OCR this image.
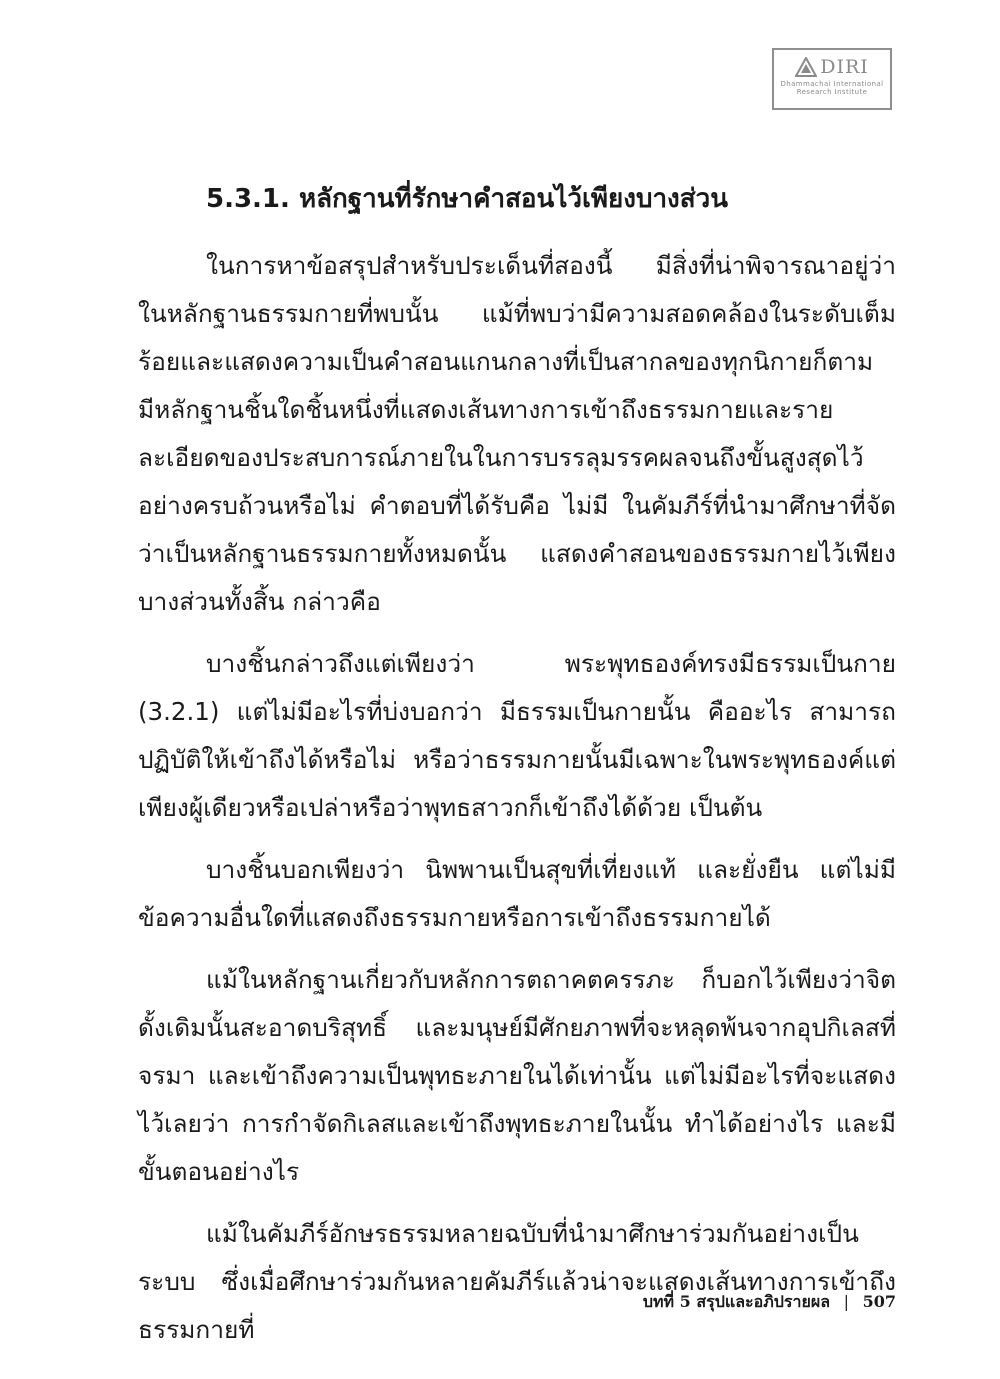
DIRI
Dhammachai International
Research Institute
5.3.1. หลักฐานที่รักษาคำสอนไว้เพียงบางส่วน

ในการหาข้อสรุปสำหรับประเด็นที่สองนี้ มีสิ่งที่น่าพิจารณาอยู่ว่า ในหลักฐานธรรมกายที่พบนั้น แม้ที่พบว่ามีความสอดคล้องในระดับเต็มร้อยและแสดงความเป็นคำสอนแกนกลางที่เป็นสากลของทุกนิกายก็ตาม มีหลักฐานชิ้นใดชิ้นหนึ่งที่แสดงเส้นทางการเข้าถึงธรรมกายและรายละเอียดของประสบการณ์ภายในในการบรรลุมรรคผลจนถึงขั้นสูงสุดไว้อย่างครบถ้วนหรือไม่ คำตอบที่ได้รับคือ ไม่มี ในคัมภีร์ที่นำมาศึกษาที่จัดว่าเป็นหลักฐานธรรมกายทั้งหมดนั้น แสดงคำสอนของธรรมกายไว้เพียงบางส่วนทั้งสิ้น กล่าวคือ

บางชิ้นกล่าวถึงแต่เพียงว่า พระพุทธองค์ทรงมีธรรมเป็นกาย (3.2.1) แต่ไม่มีอะไรที่บ่งบอกว่า มีธรรมเป็นกายนั้น คืออะไร สามารถปฏิบัติให้เข้าถึงได้หรือไม่ หรือว่าธรรมกายนั้นมีเฉพาะในพระพุทธองค์แต่เพียงผู้เดียวหรือเปล่าหรือว่าพุทธสาวกก็เข้าถึงได้ด้วย เป็นต้น

บางชิ้นบอกเพียงว่า นิพพานเป็นสุขที่เที่ยงแท้ และยั่งยืน แต่ไม่มีข้อความอื่นใดที่แสดงถึงธรรมกายหรือการเข้าถึงธรรมกายได้

แม้ในหลักฐานเกี่ยวกับหลักการตถาคตครรภะ ก็บอกไว้เพียงว่าจิตดั้งเดิมนั้นสะอาดบริสุทธิ์ และมนุษย์มีศักยภาพที่จะหลุดพ้นจากอุปกิเลสที่จรมา และเข้าถึงความเป็นพุทธะภายในได้เท่านั้น แต่ไม่มีอะไรที่จะแสดงไว้เลยว่า การกำจัดกิเลสและเข้าถึงพุทธะภายในนั้น ทำได้อย่างไร และมีขั้นตอนอย่างไร

แม้ในคัมภีร์อักษรธรรมหลายฉบับที่นำมาศึกษาร่วมกันอย่างเป็นระบบ ซึ่งเมื่อศึกษาร่วมกันหลายคัมภีร์แล้วน่าจะแสดงเส้นทางการเข้าถึงธรรมกายที่

บทที่ 5 สรุปและอภิปรายผล | 507
